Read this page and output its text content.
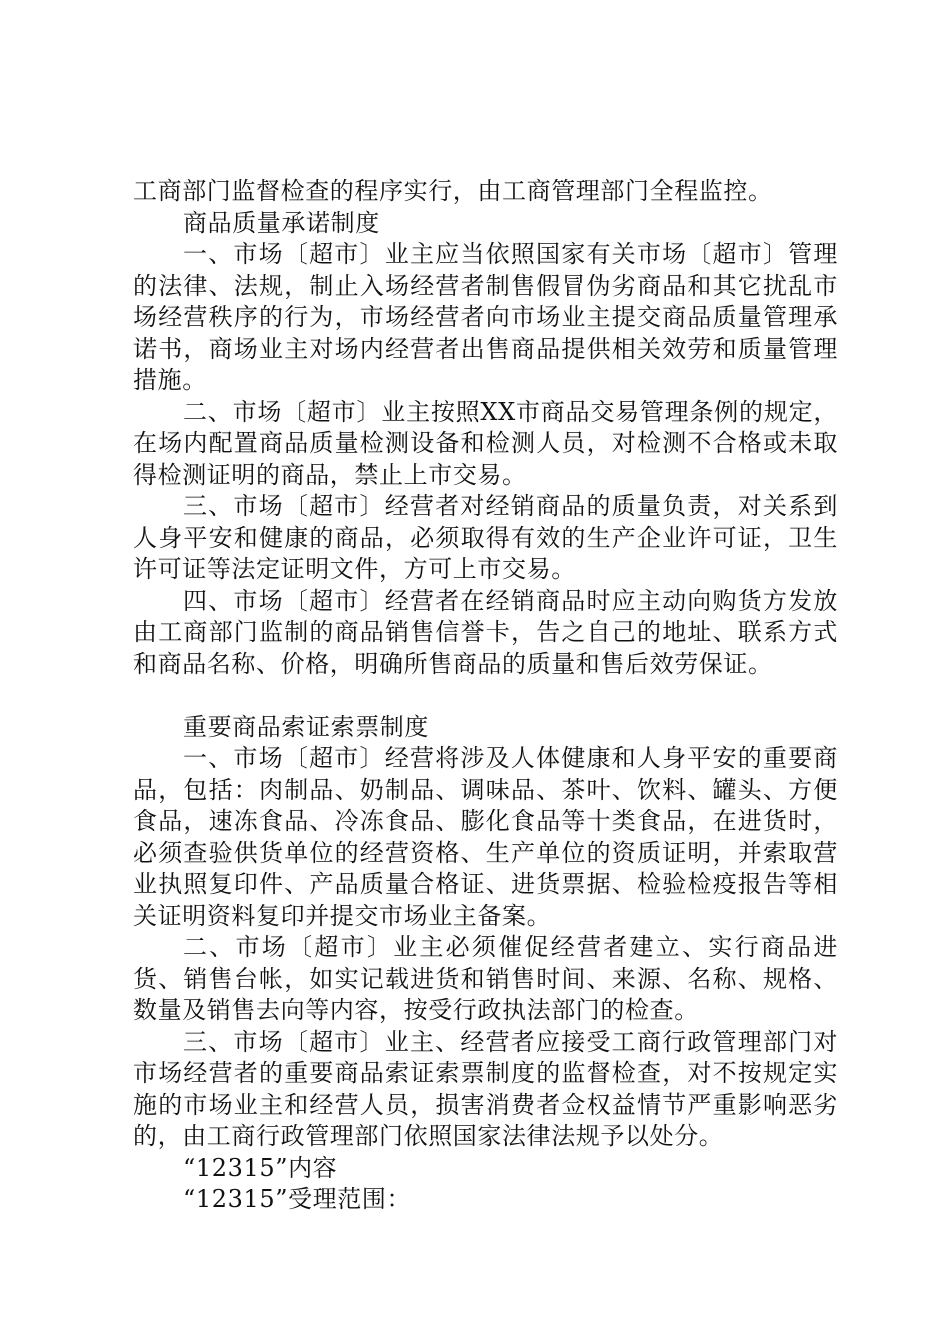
工商部门监督检查的程序实行，由工商管理部门全程监控。

商品质量承诺制度

一、市场〔超市〕业主应当依照国家有关市场〔超市〕管理的法律、法规，制止入场经营者制售假冒伪劣商品和其它扰乱市场经营秩序的行为，市场经营者向市场业主提交商品质量管理承诺书，商场业主对场内经营者出售商品提供相关效劳和质量管理措施。

二、市场〔超市〕业主按照XX市商品交易管理条例的规定，在场内配置商品质量检测设备和检测人员，对检测不合格或未取得检测证明的商品，禁止上市交易。

三、市场〔超市〕经营者对经销商品的质量负责，对关系到人身平安和健康的商品，必须取得有效的生产企业许可证，卫生许可证等法定证明文件，方可上市交易。

四、市场〔超市〕经营者在经销商品时应主动向购货方发放由工商部门监制的商品销售信誉卡，告之自己的地址、联系方式和商品名称、价格，明确所售商品的质量和售后效劳保证。

重要商品索证索票制度

一、市场〔超市〕经营将涉及人体健康和人身平安的重要商品，包括：肉制品、奶制品、调味品、茶叶、饮料、罐头、方便食品，速冻食品、冷冻食品、膨化食品等十类食品，在进货时，必须查验供货单位的经营资格、生产单位的资质证明，并索取营业执照复印件、产品质量合格证、进货票据、检验检疫报告等相关证明资料复印并提交市场业主备案。

二、市场〔超市〕业主必须催促经营者建立、实行商品进货、销售台帐，如实记载进货和销售时间、来源、名称、规格、数量及销售去向等内容，按受行政执法部门的检查。

三、市场〔超市〕业主、经营者应接受工商行政管理部门对市场经营者的重要商品索证索票制度的监督检查，对不按规定实施的市场业主和经营人员，损害消费者佥权益情节严重影响恶劣的，由工商行政管理部门依照国家法律法规予以处分。

“12315”内容

“12315”受理范围：
